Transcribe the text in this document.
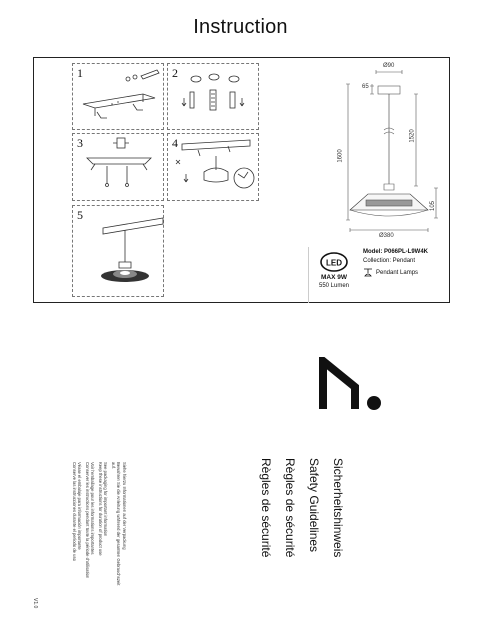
Instruction
1	2
3	4
5
Ø90
65
1600
1520
105
Ø380
LED
MAX 9W
550 Lumen
Model: P066PL-L9W4K
Collection: Pendant
Pendant Lamps
Sicherheitshinweis
Safety Guidelines
Règles de sécurité
Règles de sécurité
Siehe hierzu Informationen auf der Verpackung
Bewahren Sie die Anleitung während der gesamten Gebrauchszeit
auf.
See packaging for important information
Keep these instructions for duration of product use
Voir l'emballage pour les informations importantes
Conserver les instructions pendant toute la période d'utilisation
Véase el embalaje para información importante
Conserve las instrucciones durante el período de uso
V1.0
